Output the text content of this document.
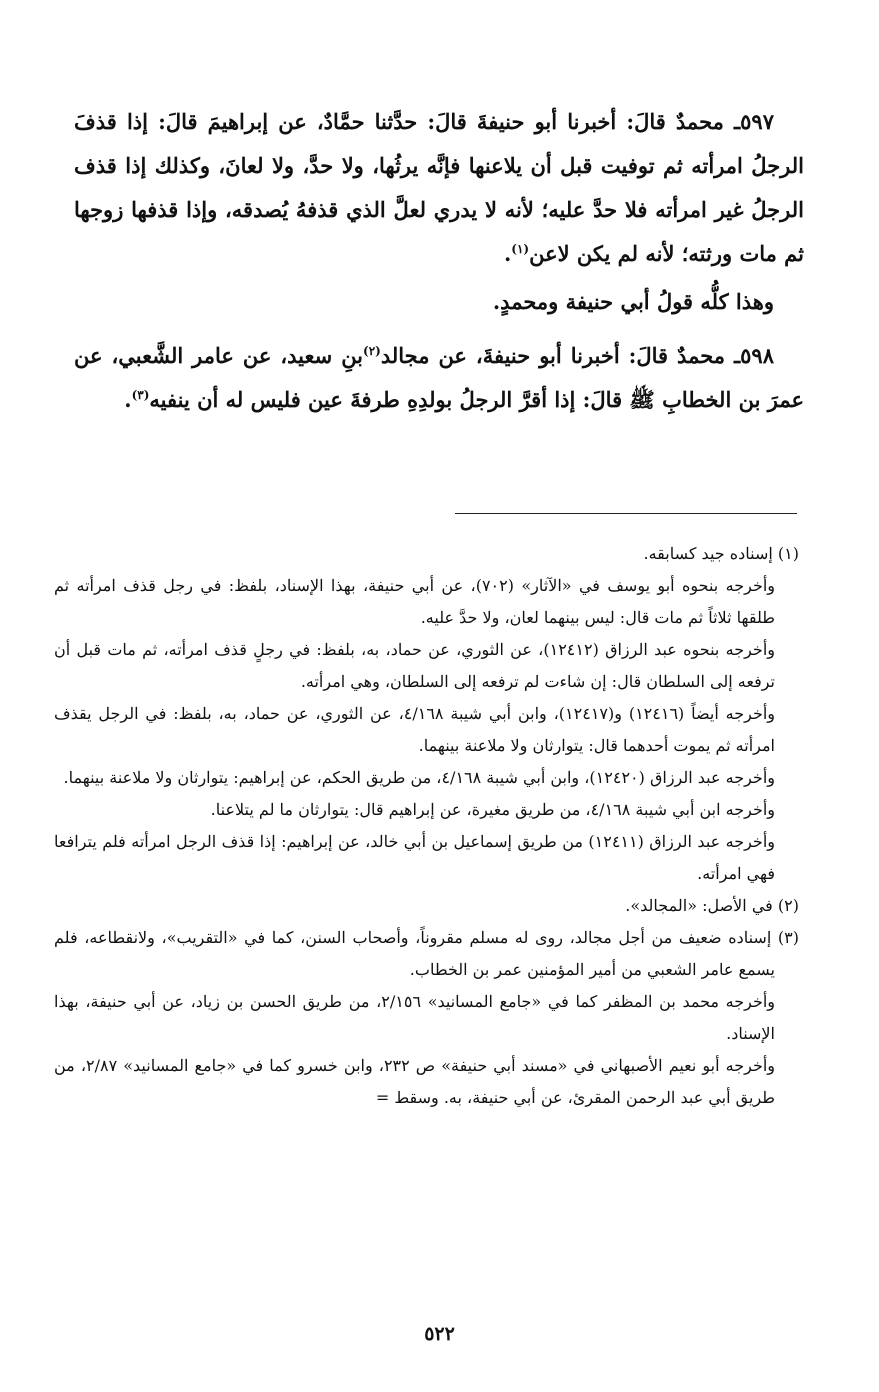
٥٩٧ـ محمدٌ قالَ: أخبرنا أبو حنيفةَ قالَ: حدَّثنا حمَّادٌ، عن إبراهيمَ قالَ: إذا قذفَ الرجلُ امرأته ثم توفيت قبل أن يلاعنها فإنَّه يرثُها، ولا حدَّ، ولا لعانَ، وكذلك إذا قذف الرجلُ غير امرأته فلا حدَّ عليه؛ لأنه لا يدري لعلَّ الذي قذفهُ يُصدقه، وإذا قذفها زوجها ثم مات ورثته؛ لأنه لم يكن لاعن$^{(١)}$.

وهذا كلُّه قولُ أبي حنيفة ومحمدٍ.

٥٩٨ـ محمدٌ قالَ: أخبرنا أبو حنيفةَ، عن مجالد$^{(٢)}$بنِ سعيد، عن عامر الشَّعبي، عن عمرَ بن الخطابِ ﷺ قالَ: إذا أقرَّ الرجلُ بولدِهِ طرفةَ عين فليس له أن ينفيه$^{(٣)}$.

(١) إسناده جيد كسابقه.

وأخرجه بنحوه أبو يوسف في «الآثار» (٧٠٢)، عن أبي حنيفة، بهذا الإسناد، بلفظ: في رجل قذف امرأته ثم طلقها ثلاثاً ثم مات قال: ليس بينهما لعان، ولا حدَّ عليه.

وأخرجه بنحوه عبد الرزاق (١٢٤١٢)، عن الثوري، عن حماد، به، بلفظ: في رجلٍ قذف امرأته، ثم مات قبل أن ترفعه إلى السلطان قال: إن شاءت لم ترفعه إلى السلطان، وهي امرأته.

وأخرجه أيضاً (١٢٤١٦) و(١٢٤١٧)، وابن أبي شيبة ٤/١٦٨، عن الثوري، عن حماد، به، بلفظ: في الرجل يقذف امرأته ثم يموت أحدهما قال: يتوارثان ولا ملاعنة بينهما.

وأخرجه عبد الرزاق (١٢٤٢٠)، وابن أبي شيبة ٤/١٦٨، من طريق الحكم، عن إبراهيم: يتوارثان ولا ملاعنة بينهما.

وأخرجه ابن أبي شيبة ٤/١٦٨، من طريق مغيرة، عن إبراهيم قال: يتوارثان ما لم يتلاعنا.

وأخرجه عبد الرزاق (١٢٤١١) من طريق إسماعيل بن أبي خالد، عن إبراهيم: إذا قذف الرجل امرأته فلم يترافعا فهي امرأته.

(٢) في الأصل: «المجالد».

(٣) إسناده ضعيف من أجل مجالد، روى له مسلم مقروناً، وأصحاب السنن، كما في «التقريب»، ولانقطاعه، فلم يسمع عامر الشعبي من أمير المؤمنين عمر بن الخطاب.

وأخرجه محمد بن المظفر كما في «جامع المسانيد» ٢/١٥٦، من طريق الحسن بن زياد، عن أبي حنيفة، بهذا الإسناد.

وأخرجه أبو نعيم الأصبهاني في «مسند أبي حنيفة» ص ٢٣٢، وابن خسرو كما في «جامع المسانيد» ٢/٨٧، من طريق أبي عبد الرحمن المقرئ، عن أبي حنيفة، به. وسقط =

٥٢٢
